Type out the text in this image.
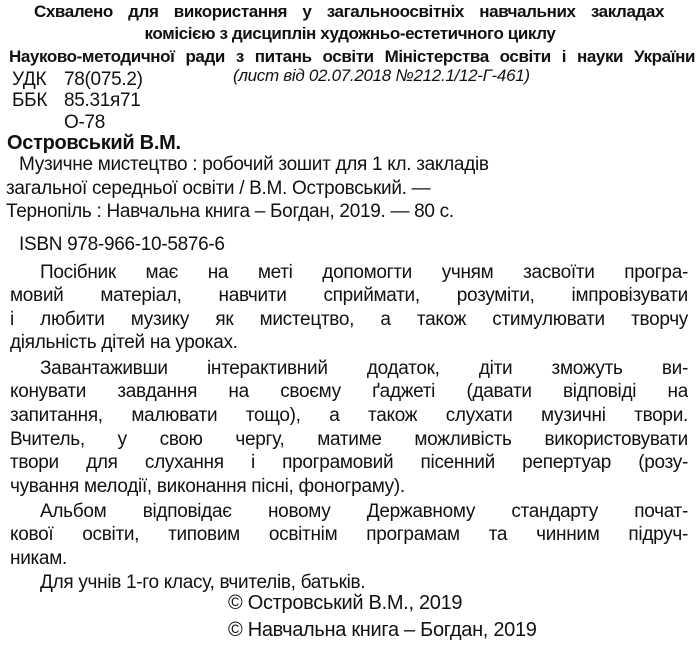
Схвалено для використання у загальноосвітніх навчальних закладах
комісією з дисциплін художньо-естетичного циклу
Науково-методичної ради з питань освіти Міністерства освіти і науки України
УДК 78(075.2)	(лист від 02.07.2018 №212.1/12-Г-461)
ББК 85.31я71
О-78
Островський В.М.
Музичне мистецтво : робочий зошит для 1 кл. закладів
загальної середньої освіти / В.М. Островський. —
Тернопіль : Навчальна книга – Богдан, 2019. — 80 с.
ISBN 978-966-10-5876-6
Посібник має на меті допомогти учням засвоїти програ-
мовий матеріал, навчити сприймати, розуміти, імпровізувати
і любити музику як мистецтво, а також стимулювати творчу
діяльність дітей на уроках.
Завантаживши інтерактивний додаток, діти зможуть ви-
конувати завдання на своєму ґаджеті (давати відповіді на
запитання, малювати тощо), а також слухати музичні твори.
Вчитель, у свою чергу, матиме можливість використовувати
твори для слухання і програмовий пісенний репертуар (розу-
чування мелодії, виконання пісні, фонограму).
Альбом відповідає новому Державному стандарту почат-
кової освіти, типовим освітнім програмам та чинним підруч-
никам.
Для учнів 1-го класу, вчителів, батьків.
© Островський В.М., 2019
© Навчальна книга – Богдан, 2019
